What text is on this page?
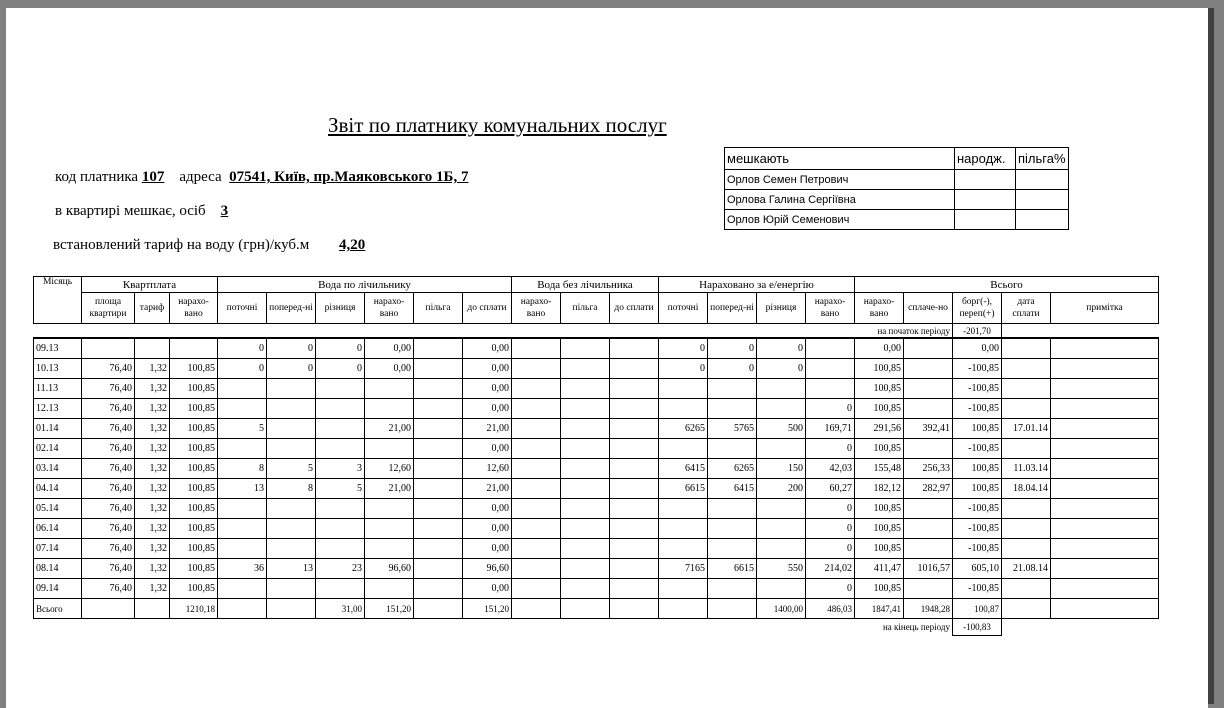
Звіт по платнику комунальних послуг
код платника 107 адреса 07541, Київ, пр.Маяковського 1Б, 7
в квартирі мешкає, осіб 3
встановлений тариф на воду (грн)/куб.м 4,20
мешкають	народж.	пільга%
Орлов Семен Петрович		
Орлова Галина Сергіївна		
Орлов Юрій Семенович		
Місяць	Квартплата			Вода по лічильнику						Вода без лічильника			Нараховано за е/енергію				Всього				
	площа квартири	тариф	нарахо-вано	поточні	поперед-ні	різниця	нарахо-вано	пільга	до сплати	нарахо-вано	пільга	до сплати	поточні	поперед-ні	різниця	нарахо-вано	нарахо-вано	сплаче-но	борг(-), переп(+)	дата сплати	примітка
на початок періоду																			-201,70		
09.13				0	0	0	0,00		0,00				0	0	0		0,00		0,00		
10.13	76,40	1,32	100,85	0	0	0	0,00		0,00				0	0	0		100,85		-100,85		
11.13	76,40	1,32	100,85						0,00								100,85		-100,85		
12.13	76,40	1,32	100,85						0,00							0	100,85		-100,85		
01.14	76,40	1,32	100,85	5			21,00		21,00				6265	5765	500	169,71	291,56	392,41	100,85	17.01.14	
02.14	76,40	1,32	100,85						0,00							0	100,85		-100,85		
03.14	76,40	1,32	100,85	8	5	3	12,60		12,60				6415	6265	150	42,03	155,48	256,33	100,85	11.03.14	
04.14	76,40	1,32	100,85	13	8	5	21,00		21,00				6615	6415	200	60,27	182,12	282,97	100,85	18.04.14	
05.14	76,40	1,32	100,85						0,00							0	100,85		-100,85		
06.14	76,40	1,32	100,85						0,00							0	100,85		-100,85		
07.14	76,40	1,32	100,85						0,00							0	100,85		-100,85		
08.14	76,40	1,32	100,85	36	13	23	96,60		96,60				7165	6615	550	214,02	411,47	1016,57	605,10	21.08.14	
09.14	76,40	1,32	100,85						0,00							0	100,85		-100,85		
Всього			1210,18			31,00	151,20		151,20						1400,00	486,03	1847,41	1948,28	100,87		
на кінець періоду																			-100,83		
